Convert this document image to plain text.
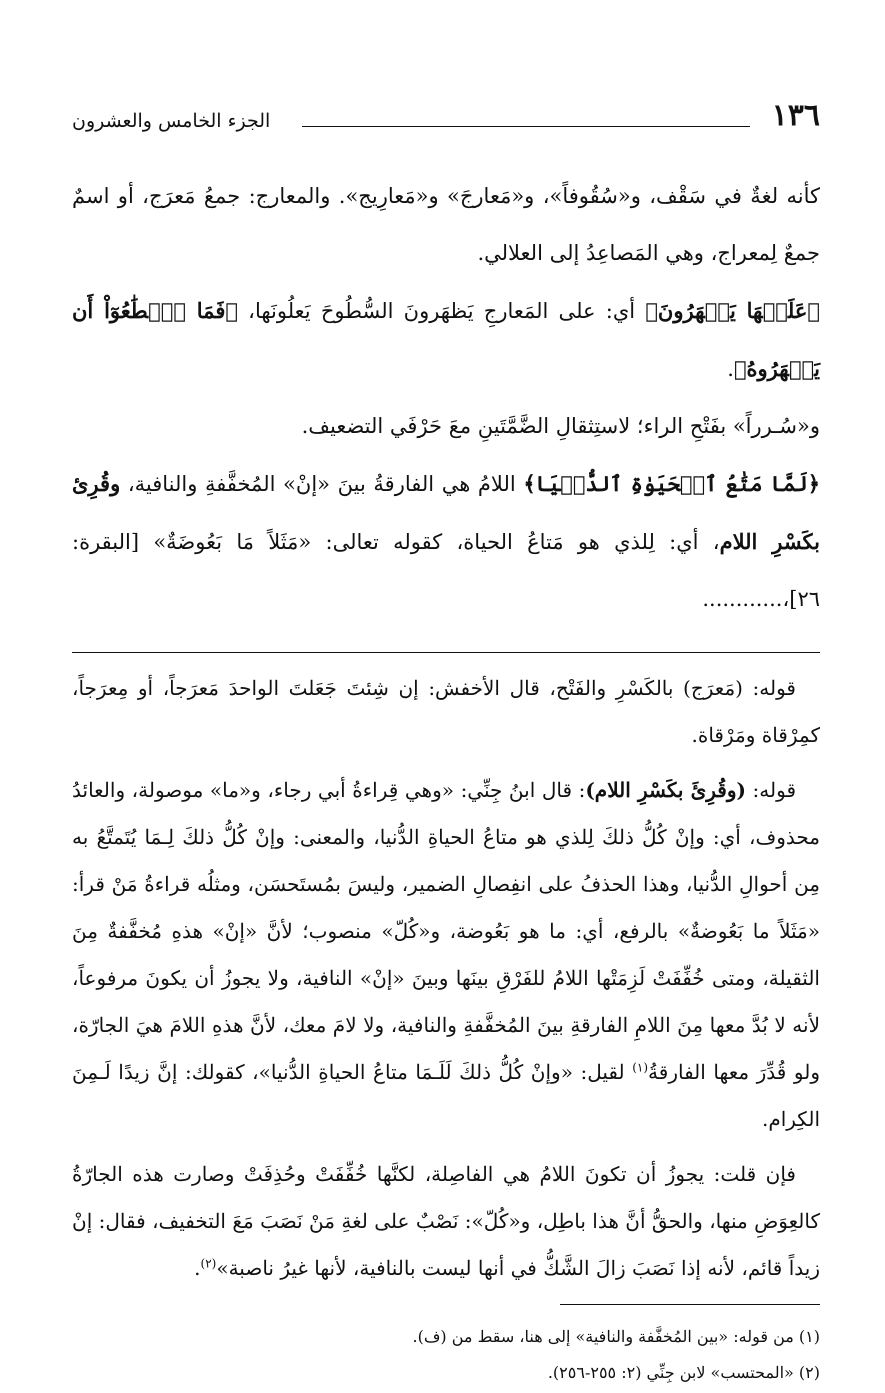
١٣٦
الجزء الخامس والعشرون

كأنه لغةٌ في سَقْف، و«سُقُوفاً»، و«مَعارجَ» و«مَعارِيج». والمعارج: جمعُ مَعرَج، أو اسمٌ جمعٌ لِمعراج، وهي المَصاعِدُ إلى العلالي.

﴿عَلَيۡهَا يَظۡهَرُونَ﴾ أي: على المَعارجِ يَظهَرونَ السُّطُوحَ يَعلُونَها، ﴿فَمَا ٱسۡطَٰعُوٓاْ أَن يَظۡهَرُوهُ﴾.

و«سُـرراً» بفَتْحِ الراء؛ لاستِثقالِ الضَّمَّتَينِ معَ حَرْفَي التضعيف.

﴿لَمَّا مَتَٰعُ ٱلۡحَيَوٰةِ ٱلدُّنۡيَا﴾ اللامُ هي الفارقةُ بينَ «إنْ» المُخفَّفةِ والنافية، وقُرِئ بكَسْرِ اللام، أي: لِلذي هو مَتاعُ الحياة، كقوله تعالى: «مَثَلاً مَا بَعُوضَةٌ» [البقرة: ٢٦]،............

قوله: (مَعرَج) بالكَسْرِ والفَتْح، قال الأخفش: إن شِئتَ جَعَلتَ الواحدَ مَعرَجاً، أو مِعرَجاً، كمِرْقاة ومَرْقاة.

قوله: (وقُرِئَ بكَسْرِ اللام): قال ابنُ جِنِّي: «وهي قِراءةُ أبي رجاء، و«ما» موصولة، والعائدُ محذوف، أي: وإنْ كُلُّ ذلكَ لِلذي هو متاعُ الحياةِ الدُّنيا، والمعنى: وإنْ كُلُّ ذلكَ لِـمَا يُتَمتَّعُ به مِن أحوالِ الدُّنيا، وهذا الحذفُ على انفِصالِ الضمير، وليسَ بمُستَحسَن، ومثلُه قراءةُ مَنْ قرأ: «مَثَلاً ما بَعُوضةٌ» بالرفع، أي: ما هو بَعُوضة، و«كُلّ» منصوب؛ لأنَّ «إنْ» هذهِ مُخفَّفةٌ مِنَ الثقيلة، ومتى خُفِّفَتْ لَزِمَتْها اللامُ للفَرْقِ بينَها وبينَ «إنْ» النافية، ولا يجوزُ أن يكونَ مرفوعاً، لأنه لا بُدَّ معها مِنَ اللامِ الفارقةِ بينَ المُخفَّفةِ والنافية، ولا لامَ معك، لأنَّ هذهِ اللامَ هيَ الجارّة، ولو قُدِّرَ معها الفارقةُ$^{(١)}$ لقيل: «وإنْ كُلُّ ذلكَ لَلَـمَا متاعُ الحياةِ الدُّنيا»، كقولك: إنَّ زيدًا لَـمِنَ الكِرام.

فإن قلت: يجوزُ أن تكونَ اللامُ هي الفاصِلة، لكنَّها خُفِّفَتْ وحُذِفَتْ وصارت هذه الجارّةُ كالعِوَضِ منها، والحقُّ أنَّ هذا باطِل، و«كُلّ»: نَصْبٌ على لغةِ مَنْ نَصَبَ مَعَ التخفيف، فقال: إنْ زيداً قائم، لأنه إذا نَصَبَ زالَ الشَّكُّ في أنها ليست بالنافية، لأنها غيرُ ناصبة»$^{(٢)}$.

(١) من قوله: «بين المُخفَّفة والنافية» إلى هنا، سقط من (ف).

(٢) «المحتسب» لابن جِنِّي (٢: ٢٥٥-٢٥٦).
